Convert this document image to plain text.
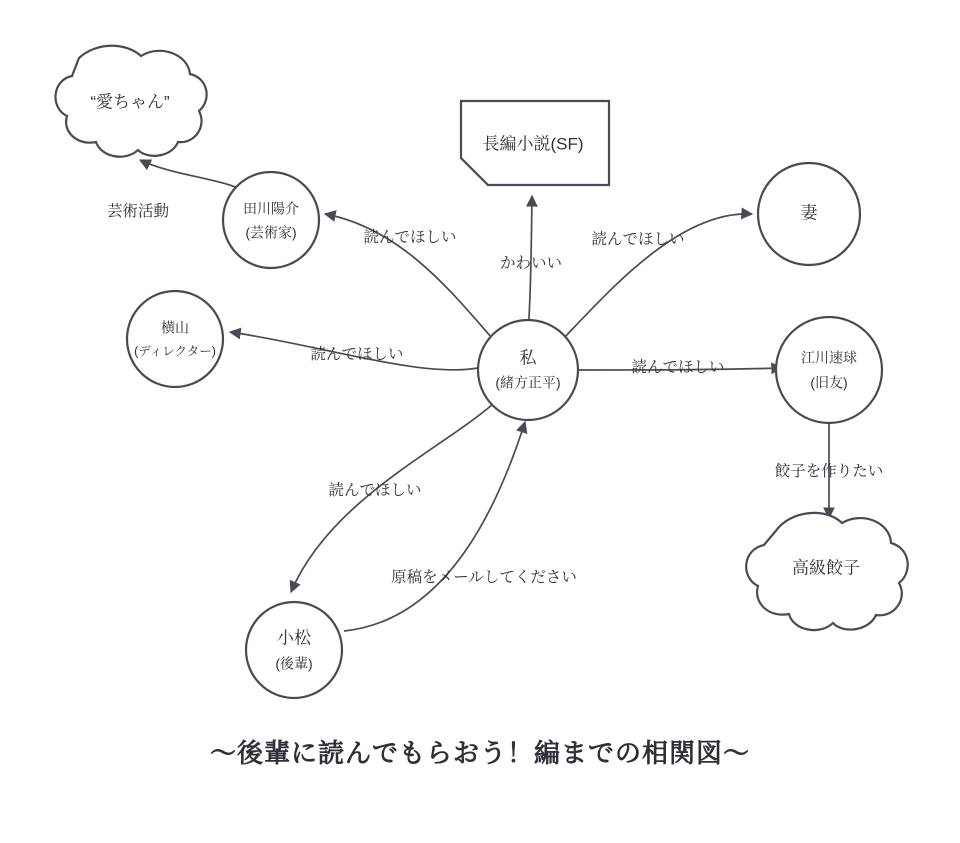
芸術活動
読んでほしい
かわいい
読んでほしい
読んでほしい
読んでほしい
餃子を作りたい
読んでほしい
原稿をメールしてください
“愛ちゃん”
田川陽介
(芸術家)
横山
(ディレクター)
長編小説(SF)
私
(緒方正平)
妻
江川速球
(旧友)
高級餃子
小松
(後輩)
〜後輩に読んでもらおう！編までの相関図〜
